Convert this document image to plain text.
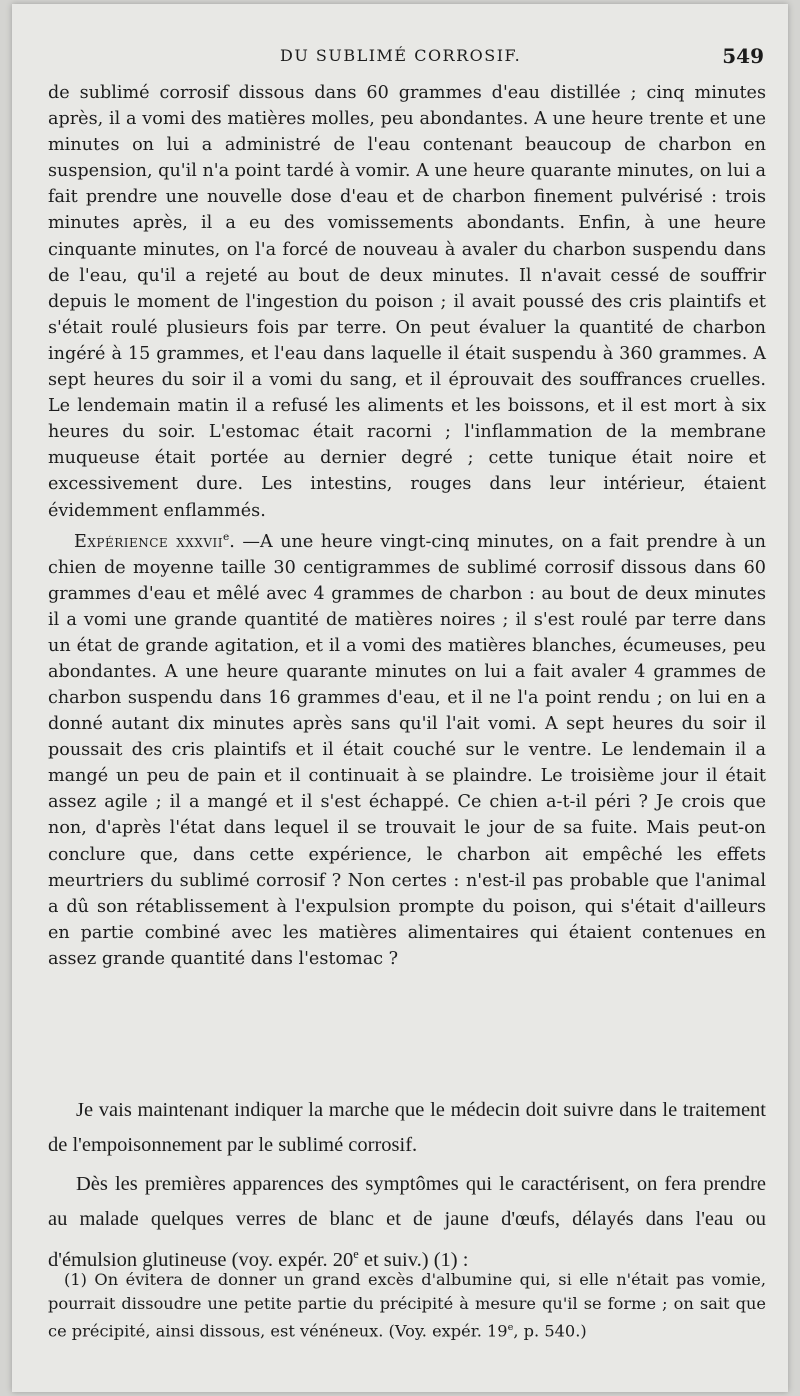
DU SUBLIMÉ CORROSIF.	549

de sublimé corrosif dissous dans 60 grammes d'eau distillée ; cinq minutes après, il a vomi des matières molles, peu abondantes. A une heure trente et une minutes on lui a administré de l'eau contenant beaucoup de charbon en suspension, qu'il n'a point tardé à vomir. A une heure quarante minutes, on lui a fait prendre une nouvelle dose d'eau et de charbon finement pulvérisé : trois minutes après, il a eu des vomissements abondants. Enfin, à une heure cinquante minutes, on l'a forcé de nouveau à avaler du charbon suspendu dans de l'eau, qu'il a rejeté au bout de deux minutes. Il n'avait cessé de souffrir depuis le moment de l'ingestion du poison ; il avait poussé des cris plaintifs et s'était roulé plusieurs fois par terre. On peut évaluer la quantité de charbon ingéré à 15 grammes, et l'eau dans laquelle il était suspendu à 360 grammes. A sept heures du soir il a vomi du sang, et il éprouvait des souffrances cruelles. Le lendemain matin il a refusé les aliments et les boissons, et il est mort à six heures du soir. L'estomac était racorni ; l'inflammation de la membrane muqueuse était portée au dernier degré ; cette tunique était noire et excessivement dure. Les intestins, rouges dans leur intérieur, étaient évidemment enflammés.

Expérience xxxvii$^e$. —A une heure vingt-cinq minutes, on a fait prendre à un chien de moyenne taille 30 centigrammes de sublimé corrosif dissous dans 60 grammes d'eau et mêlé avec 4 grammes de charbon : au bout de deux minutes il a vomi une grande quantité de matières noires ; il s'est roulé par terre dans un état de grande agitation, et il a vomi des matières blanches, écumeuses, peu abondantes. A une heure quarante minutes on lui a fait avaler 4 grammes de charbon suspendu dans 16 grammes d'eau, et il ne l'a point rendu ; on lui en a donné autant dix minutes après sans qu'il l'ait vomi. A sept heures du soir il poussait des cris plaintifs et il était couché sur le ventre. Le lendemain il a mangé un peu de pain et il continuait à se plaindre. Le troisième jour il était assez agile ; il a mangé et il s'est échappé. Ce chien a-t-il péri ? Je crois que non, d'après l'état dans lequel il se trouvait le jour de sa fuite. Mais peut-on conclure que, dans cette expérience, le charbon ait empêché les effets meurtriers du sublimé corrosif ? Non certes : n'est-il pas probable que l'animal a dû son rétablissement à l'expulsion prompte du poison, qui s'était d'ailleurs en partie combiné avec les matières alimentaires qui étaient contenues en assez grande quantité dans l'estomac ?

Je vais maintenant indiquer la marche que le médecin doit suivre dans le traitement de l'empoisonnement par le sublimé corrosif.

Dès les premières apparences des symptômes qui le caractérisent, on fera prendre au malade quelques verres de blanc et de jaune d'œufs, délayés dans l'eau ou d'émulsion glutineuse (voy. expér. 20e et suiv.) (1) :

(1) On évitera de donner un grand excès d'albumine qui, si elle n'était pas vomie, pourrait dissoudre une petite partie du précipité à mesure qu'il se forme ; on sait que ce précipité, ainsi dissous, est vénéneux. (Voy. expér. 19e, p. 540.)
